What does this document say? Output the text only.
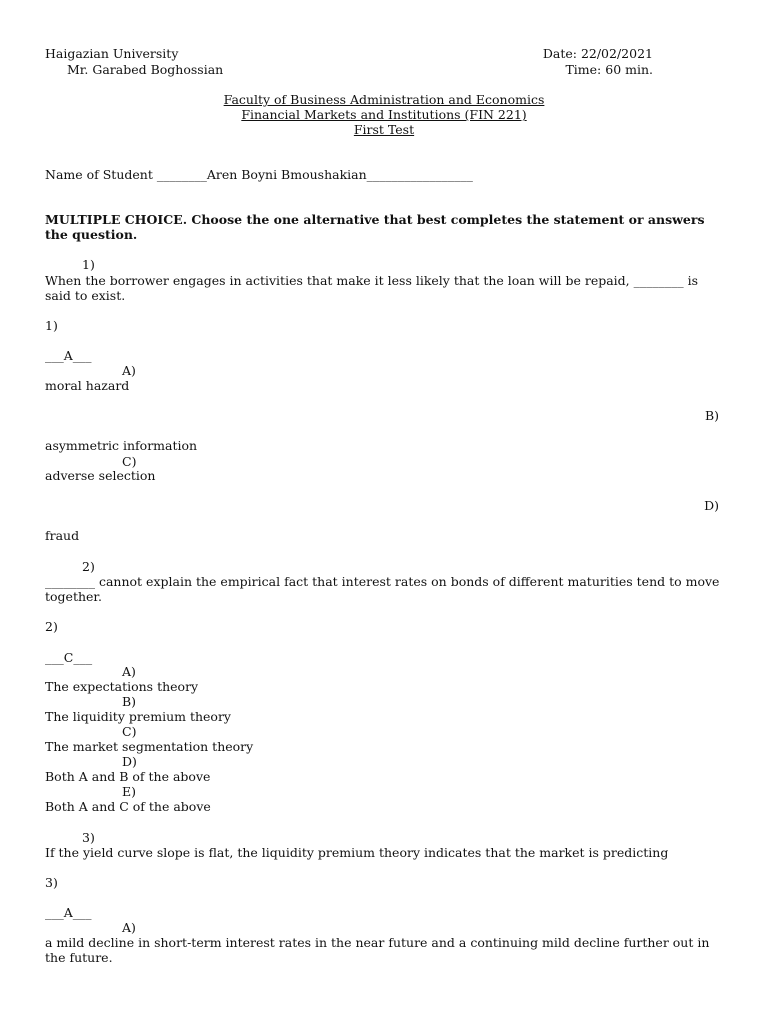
Haigazian University
Mr. Garabed Boghossian
Date: 22/02/2021
Time: 60 min.
Faculty of Business Administration and Economics
Financial Markets and Institutions (FIN 221)
First Test
Name of Student ________Aren Boyni Bmoushakian_________________
MULTIPLE CHOICE. Choose the one alternative that best completes the statement or answers
the question.
1)
When the borrower engages in activities that make it less likely that the loan will be repaid, ________ is
said to exist.
1)
___A___
A)
moral hazard
B)
asymmetric information
C)
adverse selection
D)
fraud
2)
________ cannot explain the empirical fact that interest rates on bonds of different maturities tend to move
together.
2)
___C___
A)
The expectations theory
B)
The liquidity premium theory
C)
The market segmentation theory
D)
Both A and B of the above
E)
Both A and C of the above
3)
If the yield curve slope is flat, the liquidity premium theory indicates that the market is predicting
3)
___A___
A)
a mild decline in short-term interest rates in the near future and a continuing mild decline further out in
the future.
